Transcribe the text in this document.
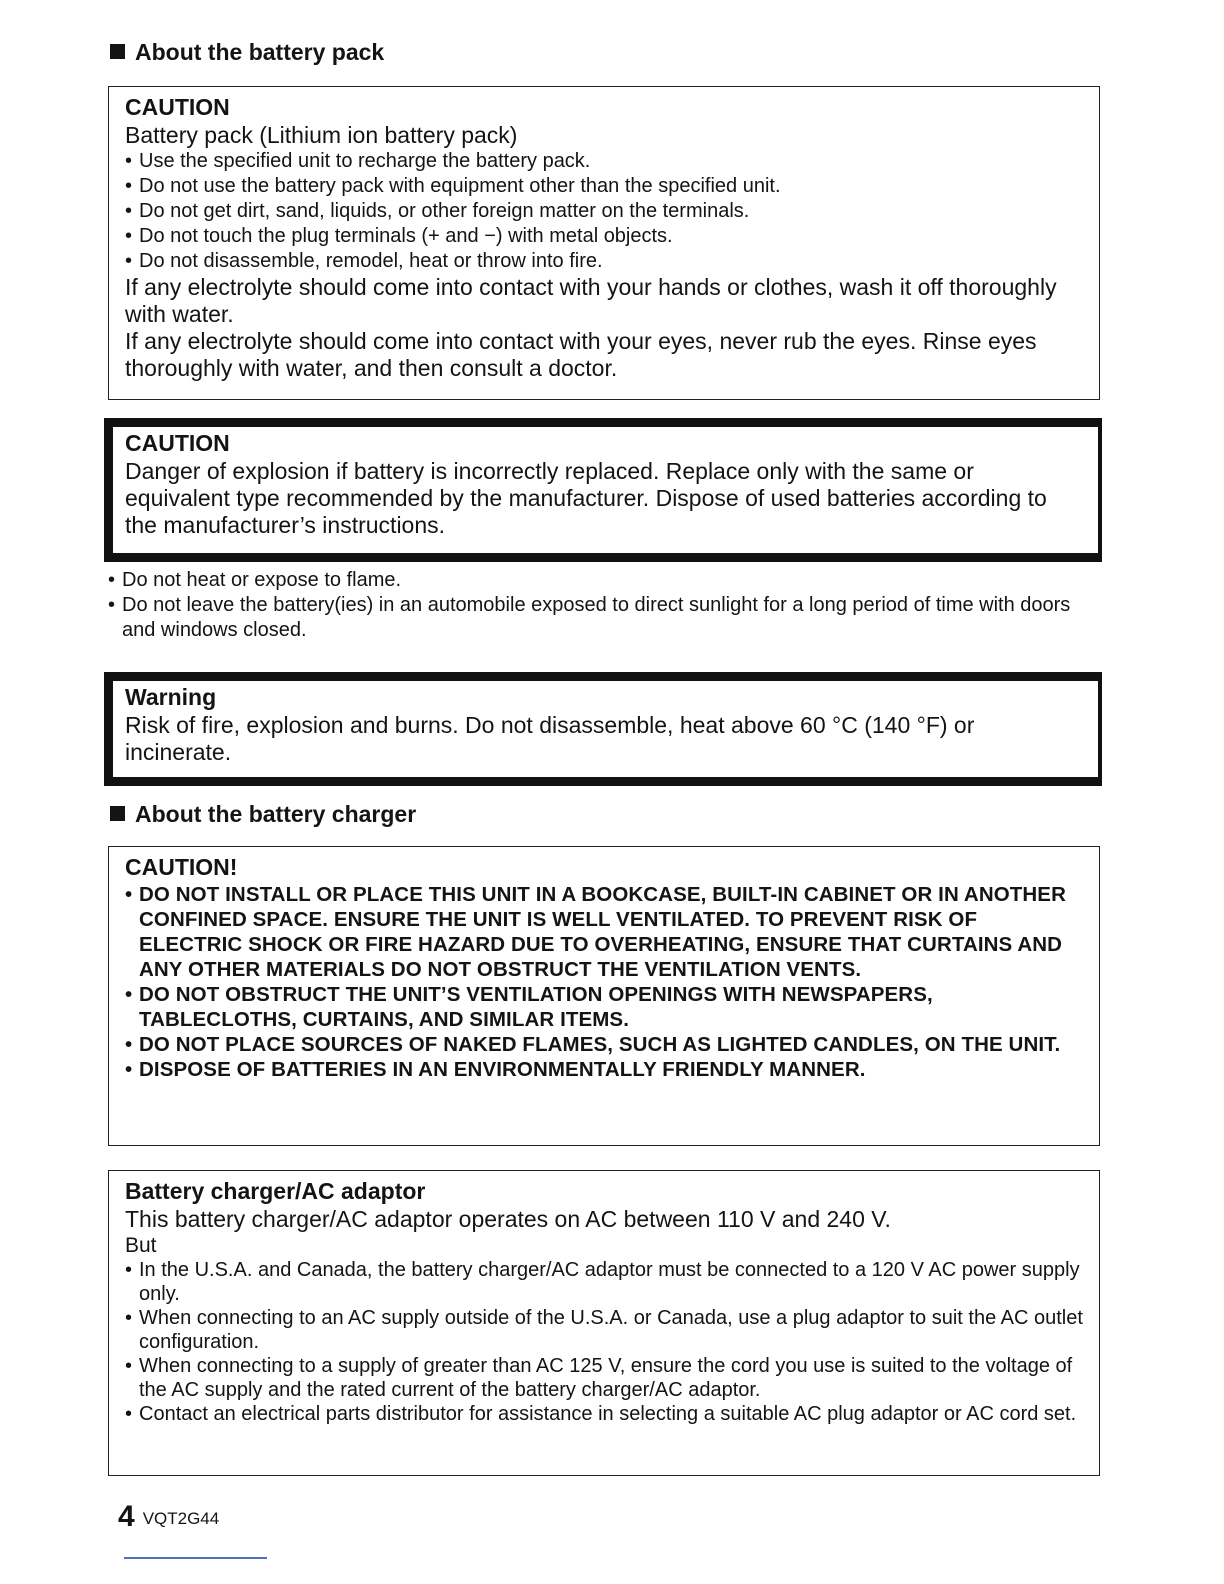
About the battery pack
CAUTION
Battery pack (Lithium ion battery pack)
• Use the specified unit to recharge the battery pack.
• Do not use the battery pack with equipment other than the specified unit.
• Do not get dirt, sand, liquids, or other foreign matter on the terminals.
• Do not touch the plug terminals (+ and −) with metal objects.
• Do not disassemble, remodel, heat or throw into fire.
If any electrolyte should come into contact with your hands or clothes, wash it off thoroughly with water.
If any electrolyte should come into contact with your eyes, never rub the eyes. Rinse eyes thoroughly with water, and then consult a doctor.
CAUTION
Danger of explosion if battery is incorrectly replaced. Replace only with the same or equivalent type recommended by the manufacturer. Dispose of used batteries according to the manufacturer’s instructions.
• Do not heat or expose to flame.
• Do not leave the battery(ies) in an automobile exposed to direct sunlight for a long period of time with doors and windows closed.
Warning
Risk of fire, explosion and burns. Do not disassemble, heat above 60 °C (140 °F) or incinerate.
About the battery charger
CAUTION!
• DO NOT INSTALL OR PLACE THIS UNIT IN A BOOKCASE, BUILT-IN CABINET OR IN ANOTHER CONFINED SPACE. ENSURE THE UNIT IS WELL VENTILATED. TO PREVENT RISK OF ELECTRIC SHOCK OR FIRE HAZARD DUE TO OVERHEATING, ENSURE THAT CURTAINS AND ANY OTHER MATERIALS DO NOT OBSTRUCT THE VENTILATION VENTS.
• DO NOT OBSTRUCT THE UNIT’S VENTILATION OPENINGS WITH NEWSPAPERS, TABLECLOTHS, CURTAINS, AND SIMILAR ITEMS.
• DO NOT PLACE SOURCES OF NAKED FLAMES, SUCH AS LIGHTED CANDLES, ON THE UNIT.
• DISPOSE OF BATTERIES IN AN ENVIRONMENTALLY FRIENDLY MANNER.
Battery charger/AC adaptor
This battery charger/AC adaptor operates on AC between 110 V and 240 V.
But
• In the U.S.A. and Canada, the battery charger/AC adaptor must be connected to a 120 V AC power supply only.
• When connecting to an AC supply outside of the U.S.A. or Canada, use a plug adaptor to suit the AC outlet configuration.
• When connecting to a supply of greater than AC 125 V, ensure the cord you use is suited to the voltage of the AC supply and the rated current of the battery charger/AC adaptor.
• Contact an electrical parts distributor for assistance in selecting a suitable AC plug adaptor or AC cord set.
4 VQT2G44
